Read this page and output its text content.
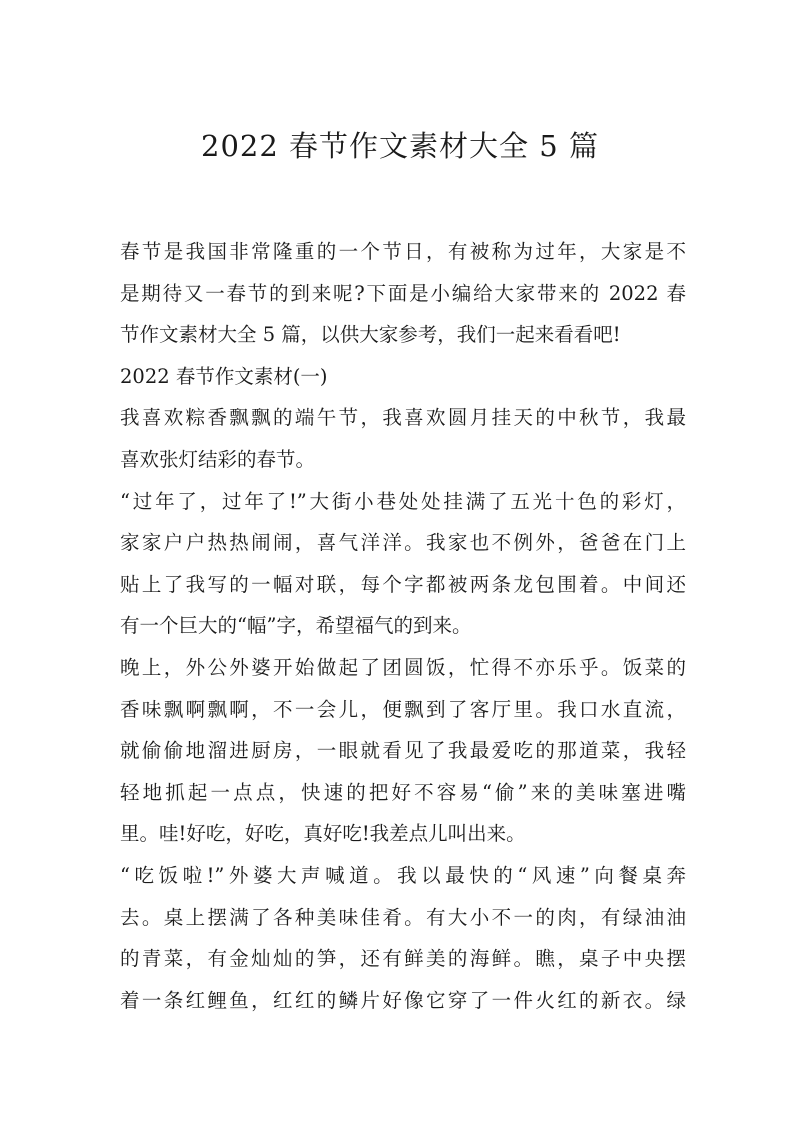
2022 春节作文素材大全 5 篇

春节是我国非常隆重的一个节日，有被称为过年，大家是不
是期待又一春节的到来呢?下面是小编给大家带来的 2022 春
节作文素材大全 5 篇，以供大家参考，我们一起来看看吧!

2022 春节作文素材(一)

我喜欢粽香飘飘的端午节，我喜欢圆月挂天的中秋节，我最
喜欢张灯结彩的春节。

“过年了，过年了!”大街小巷处处挂满了五光十色的彩灯，
家家户户热热闹闹，喜气洋洋。我家也不例外，爸爸在门上
贴上了我写的一幅对联，每个字都被两条龙包围着。中间还
有一个巨大的“幅”字，希望福气的到来。

晚上，外公外婆开始做起了团圆饭，忙得不亦乐乎。饭菜的
香味飘啊飘啊，不一会儿，便飘到了客厅里。我口水直流，
就偷偷地溜进厨房，一眼就看见了我最爱吃的那道菜，我轻
轻地抓起一点点，快速的把好不容易“偷”来的美味塞进嘴
里。哇!好吃，好吃，真好吃!我差点儿叫出来。

“吃饭啦!”外婆大声喊道。我以最快的“风速”向餐桌奔
去。桌上摆满了各种美味佳肴。有大小不一的肉，有绿油油
的青菜，有金灿灿的笋，还有鲜美的海鲜。瞧，桌子中央摆
着一条红鲤鱼，红红的鳞片好像它穿了一件火红的新衣。绿
